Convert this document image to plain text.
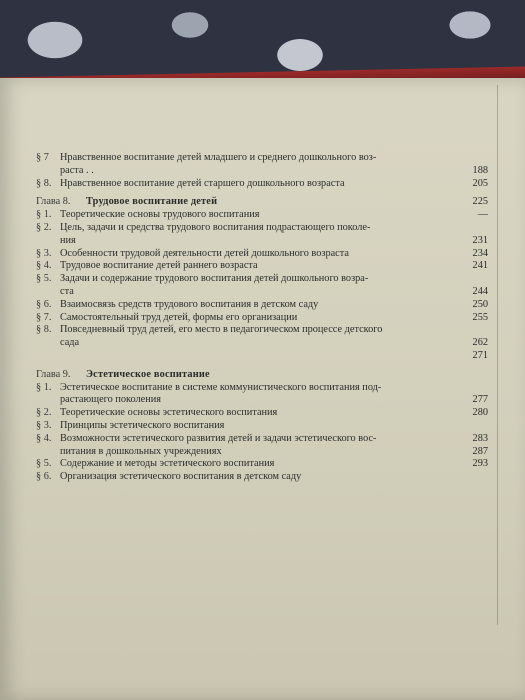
§ 7	Нравственное воспитание детей младшего и среднего дошкольного воз-
раста . .	188
§ 8. Нравственное воспитание детей старшего дошкольного возраста	205
Глава 8.	Трудовое воспитание детей	225
§ 1. Теоретические основы трудового воспитания	—
§ 2. Цель, задачи и средства трудового воспитания подрастающего поколе-
ния	231
§ 3. Особенности трудовой деятельности детей дошкольного возраста	234
§ 4. Трудовое воспитание детей раннего возраста	241
§ 5. Задачи и содержание трудового воспитания детей дошкольного возра-
ста	244
§ 6. Взаимосвязь средств трудового воспитания в детском саду	250
§ 7. Самостоятельный труд детей, формы его организации	255
§ 8. Повседневный труд детей, его место в педагогическом процессе детского
сада	262
271
Глава 9.	Эстетическое воспитание
§ 1. Эстетическое воспитание в системе коммунистического воспитания под-
растающего поколения	277
§ 2. Теоретические основы эстетического воспитания	280
§ 3. Принципы эстетического воспитания
§ 4. Возможности эстетического развития детей и задачи эстетического вос-	283
питания в дошкольных учреждениях	287
§ 5. Содержание и методы эстетического воспитания	293
§ 6. Организация эстетического воспитания в детском саду
